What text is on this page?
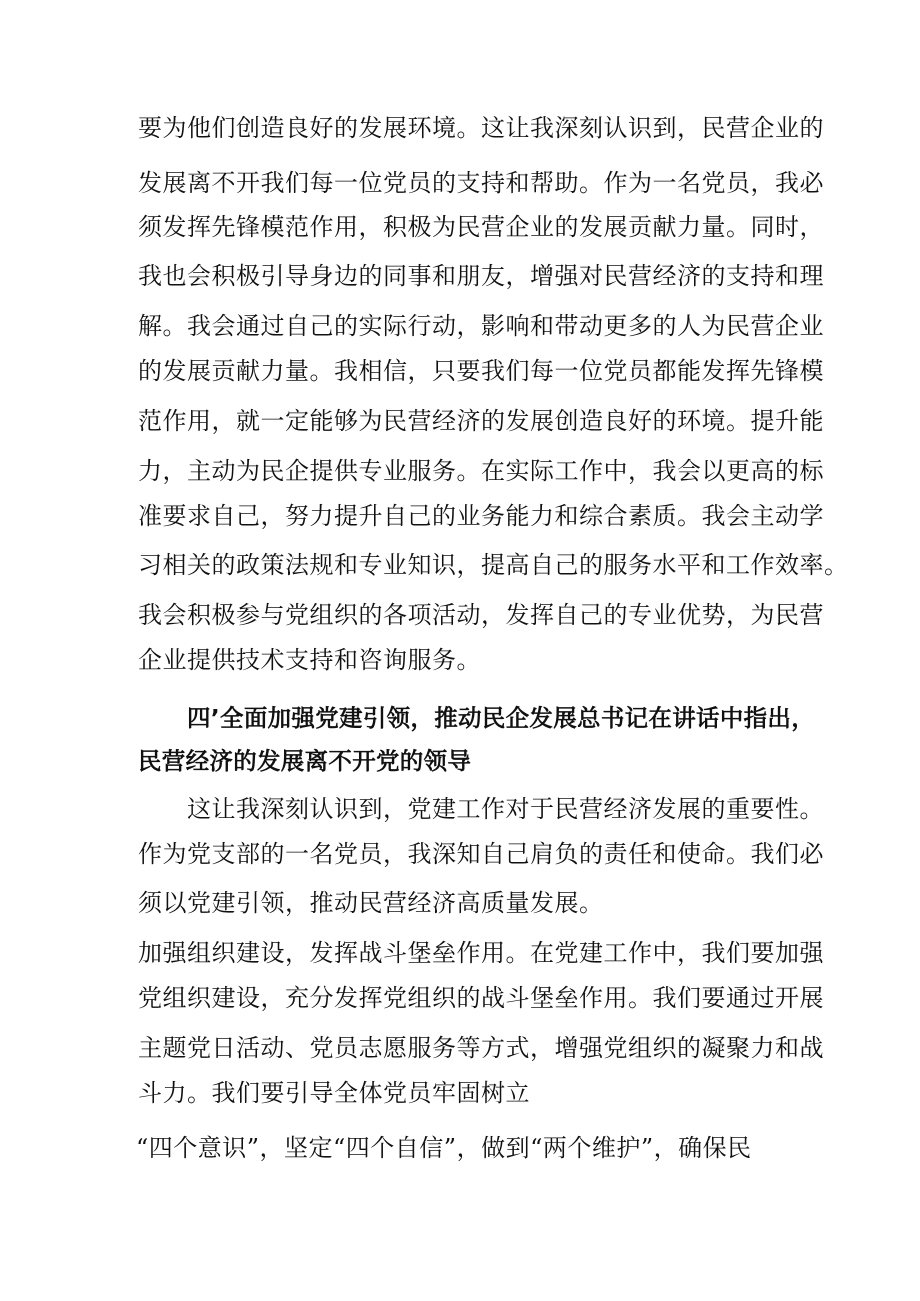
要为他们创造良好的发展环境。这让我深刻认识到，民营企业的
发展离不开我们每一位党员的支持和帮助。作为一名党员，我必
须发挥先锋模范作用，积极为民营企业的发展贡献力量。同时，
我也会积极引导身边的同事和朋友，增强对民营经济的支持和理
解。我会通过自己的实际行动，影响和带动更多的人为民营企业
的发展贡献力量。我相信，只要我们每一位党员都能发挥先锋模
范作用，就一定能够为民营经济的发展创造良好的环境。提升能
力，主动为民企提供专业服务。在实际工作中，我会以更高的标
准要求自己，努力提升自己的业务能力和综合素质。我会主动学
习相关的政策法规和专业知识，提高自己的服务水平和工作效率。
我会积极参与党组织的各项活动，发挥自己的专业优势，为民营
企业提供技术支持和咨询服务。
四’全面加强党建引领，推动民企发展总书记在讲话中指出，
民营经济的发展离不开党的领导
这让我深刻认识到，党建工作对于民营经济发展的重要性。
作为党支部的一名党员，我深知自己肩负的责任和使命。我们必
须以党建引领，推动民营经济高质量发展。
加强组织建设，发挥战斗堡垒作用。在党建工作中，我们要加强
党组织建设，充分发挥党组织的战斗堡垒作用。我们要通过开展
主题党日活动、党员志愿服务等方式，增强党组织的凝聚力和战
斗力。我们要引导全体党员牢固树立
“四个意识”，坚定“四个自信”，做到“两个维护”，确保民
